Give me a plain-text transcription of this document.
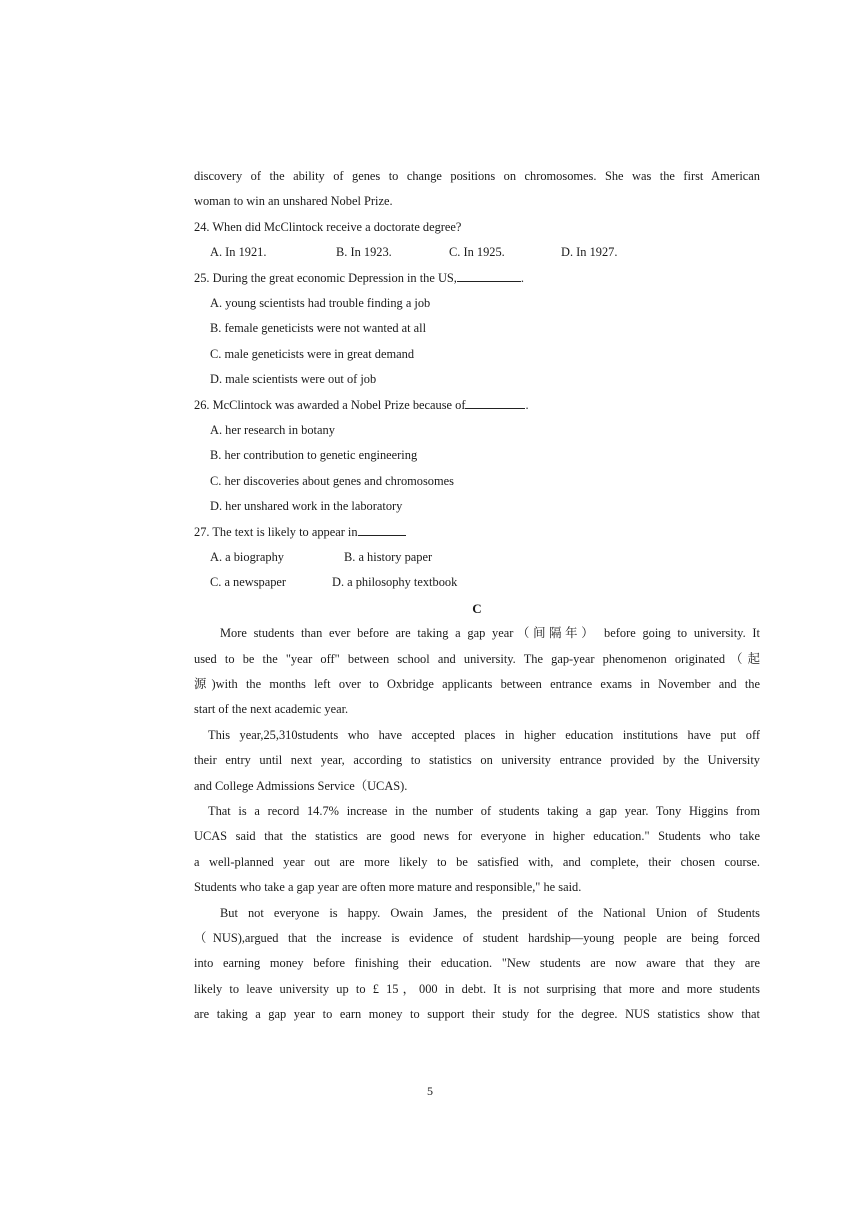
discovery of the ability of genes to change positions on chromosomes. She was the first American
woman to win an unshared Nobel Prize.
24. When did McClintock receive a doctorate degree?
A. In 1921.	B. In 1923.	C. In 1925.	D. In 1927.
25. During the great economic Depression in the US,	.
A. young scientists had trouble finding a job
B. female geneticists were not wanted at all
C. male geneticists were in great demand
D. male scientists were out of job
26. McClintock was awarded a Nobel Prize because of	.
A. her research in botany
B. her contribution to genetic engineering
C. her discoveries about genes and chromosomes
D. her unshared work in the laboratory
27. The text is likely to appear in
A. a biography	B. a history paper
C. a newspaper	D. a philosophy textbook
C
More students than ever before are taking a gap year（间隔年） before going to university. It
used to be the "year off" between school and university. The gap-year phenomenon originated（起
源)with the months left over to Oxbridge applicants between entrance exams in November and the
start of the next academic year.
This year,25,310students who have accepted places in higher education institutions have put off
their entry until next year, according to statistics on university entrance provided by the University
and College Admissions Service（UCAS).
That is a record 14.7% increase in the number of students taking a gap year. Tony Higgins from
UCAS said that the statistics are good news for everyone in higher education." Students who take
a well-planned year out are more likely to be satisfied with, and complete, their chosen course.
Students who take a gap year are often more mature and responsible," he said.
But not everyone is happy. Owain James, the president of the National Union of Students
（NUS),argued that the increase is evidence of student hardship—young people are being forced
into earning money before finishing their education. "New students are now aware that they are
likely to leave university up to £ 15，000 in debt. It is not surprising that more and more students
are taking a gap year to earn money to support their study for the degree. NUS statistics show that
5
